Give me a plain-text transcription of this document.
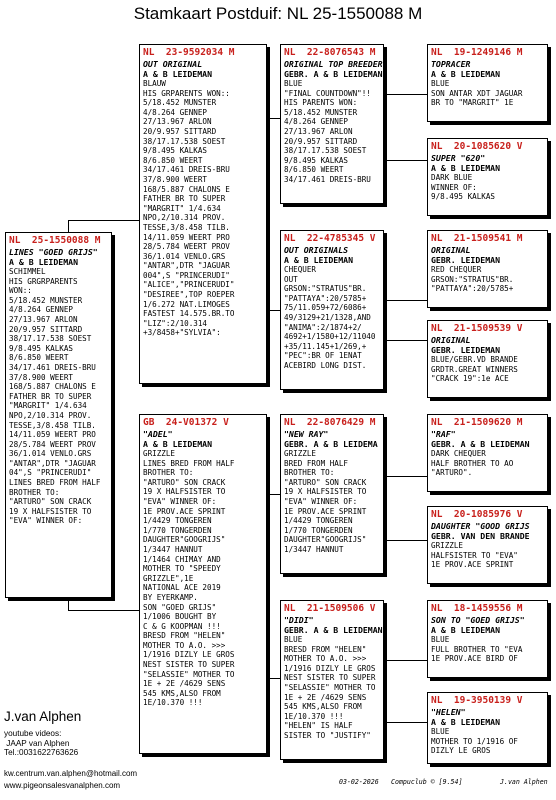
Stamkaart Postduif: NL 25-1550088 M
NL  25-1550088 M
LINES "GOED GRIJS"
A & B LEIDEMAN
SCHIMMEL
HIS GRGRPARENTS
WON::
5/18.452 MUNSTER
4/8.264 GENNEP
27/13.967 ARLON
20/9.957 SITTARD
38/17.17.538 SOEST
9/8.495 KALKAS
8/6.850 WEERT
34/17.461 DREIS-BRU
37/8.900 WEERT
168/5.887 CHALONS E
FATHER BR TO SUPER
"MARGRIT" 1/4.634
NPO,2/10.314 PROV.
TESSE,3/8.458 TILB.
14/11.059 WEERT PRO
28/5.784 WEERT PROV
36/1.014 VENLO.GRS
"ANTAR",DTR "JAGUAR
04",S "PRINCERUDI"
LINES BRED FROM HALF
BROTHER TO:
"ARTURO" SON CRACK
19 X HALFSISTER TO
"EVA" WINNER OF:
NL  23-9592034 M
OUT ORIGINAL
A & B LEIDEMAN
BLAUW
HIS GRPARENTS WON::
5/18.452 MUNSTER
4/8.264 GENNEP
27/13.967 ARLON
20/9.957 SITTARD
38/17.17.538 SOEST
9/8.495 KALKAS
8/6.850 WEERT
34/17.461 DREIS-BRU
37/8.900 WEERT
168/5.887 CHALONS E
FATHER BR TO SUPER
"MARGRIT" 1/4.634
NPO,2/10.314 PROV.
TESSE,3/8.458 TILB.
14/11.059 WEERT PRO
28/5.784 WEERT PROV
36/1.014 VENLO.GRS
"ANTAR",DTR "JAGUAR
004",S "PRINCERUDI"
"ALICE","PRINCERUDI"
"DESIREE",TOP ROEPER
1/6.272 NAT.LIMOGES
FASTEST 14.575.BR.TO
"LIZ":2/10.314
+3/8458+"SYLVIA":
GB  24-V01372 V
"ADEL"
A & B LEIDEMAN
GRIZZLE
LINES BRED FROM HALF
BROTHER TO:
"ARTURO" SON CRACK
19 X HALFSISTER TO
"EVA" WINNER OF:
1E PROV.ACE SPRINT
1/4429 TONGEREN
1/770 TONGERDEN
DAUGHTER"GOOGRIJS"
1/3447 HANNUT
1/1464 CHIMAY AND
MOTHER TO "SPEEDY
GRIZZLE",1E
NATIONAL ACE 2019
BY EYERKAMP.
SON "GOED GRIJS"
1/1006 BOUGHT BY
C & G KOOPMAN !!!
BRESD FROM "HELEN"
MOTHER TO A.O. >>>
1/1916 DIZLY LE GROS
NEST SISTER TO SUPER
"SELASSIE" MOTHER TO
1E + 2E /4629 SENS
545 KMS,ALSO FROM
1E/10.370 !!!
NL  22-8076543 M
ORIGINAL TOP BREEDER
GEBR. A & B LEIDEMAN
BLUE
"FINAL COUNTDOWN"!!
HIS PARENTS WON:
5/18.452 MUNSTER
4/8.264 GENNEP
27/13.967 ARLON
20/9.957 SITTARD
38/17.17.538 SOEST
9/8.495 KALKAS
8/6.850 WEERT
34/17.461 DREIS-BRU
NL  22-4785345 V
OUT ORIGINALS
A & B LEIDEMAN
CHEQUER
OUT
GRSON:"STRATUS"BR.
"PATTAYA":20/5785+
75/11.059+72/6086+
49/3129+21/1328,AND
"ANIMA":2/1874+2/
4692+1/1580+12/11040
+35/11.145+1/269,+
"PEC":BR OF 1ENAT
ACEBIRD LONG DIST.
NL  22-8076429 M
"NEW RAY"
GEBR. A & B LEIDEMA
GRIZZLE
BRED FROM HALF
BROTHER TO:
"ARTURO" SON CRACK
19 X HALFSISTER TO
"EVA" WINNER OF:
1E PROV.ACE SPRINT
1/4429 TONGEREN
1/770 TONGERDEN
DAUGHTER"GOOGRIJS"
1/3447 HANNUT
NL  21-1509506 V
"DIDI"
GEBR. A & B LEIDEMAN
BLUE
BRESD FROM "HELEN"
MOTHER TO A.O. >>>
1/1916 DIZLY LE GROS
NEST SISTER TO SUPER
"SELASSIE" MOTHER TO
1E + 2E /4629 SENS
545 KMS,ALSO FROM
1E/10.370 !!!
"HELEN" IS HALF
SISTER TO "JUSTIFY"
NL  19-1249146 M
TOPRACER
A & B LEIDEMAN
BLUE
SON ANTAR XDT JAGUAR
BR TO "MARGRIT" 1E
NL  20-1085620 V
SUPER "620"
A & B LEIDEMAN
DARK BLUE
WINNER OF:
9/8.495 KALKAS
NL  21-1509541 M
ORIGINAL
GEBR. LEIDEMAN
RED CHEQUER
GRSON:"STRATUS"BR.
"PATTAYA":20/5785+
NL  21-1509539 V
ORIGINAL
GEBR. LEIDEMAN
BLUE/GEBR.VD BRANDE
GRDTR.GREAT WINNERS
"CRACK 19":1e ACE
NL  21-1509620 M
"RAF"
GEBR. A & B LEIDEMAN
DARK CHEQUER
HALF BROTHER TO AO
"ARTURO".
NL  20-1085976 V
DAUGHTER "GOOD GRIJS
GEBR. VAN DEN BRANDE
GRIZZLE
HALFSISTER TO "EVA"
1E PROV.ACE SPRINT
NL  18-1459556 M
SON TO "GOED GRIJS"
A & B LEIDEMAN
BLUE
FULL BROTHER TO "EVA
1E PROV.ACE BIRD OF
NL  19-3950139 V
"HELEN"
A & B LEIDEMAN
BLUE
MOTHER TO 1/1916 OF
DIZLY LE GROS
J.van Alphen
youtube videos:
JAAP van Alphen
Tel.:0031622763626
kw.centrum.van.alphen@hotmail.com
www.pigeonsalesvanalphen.com	03-02-2026 Compuclub © [9.54]	J.van Alphen
